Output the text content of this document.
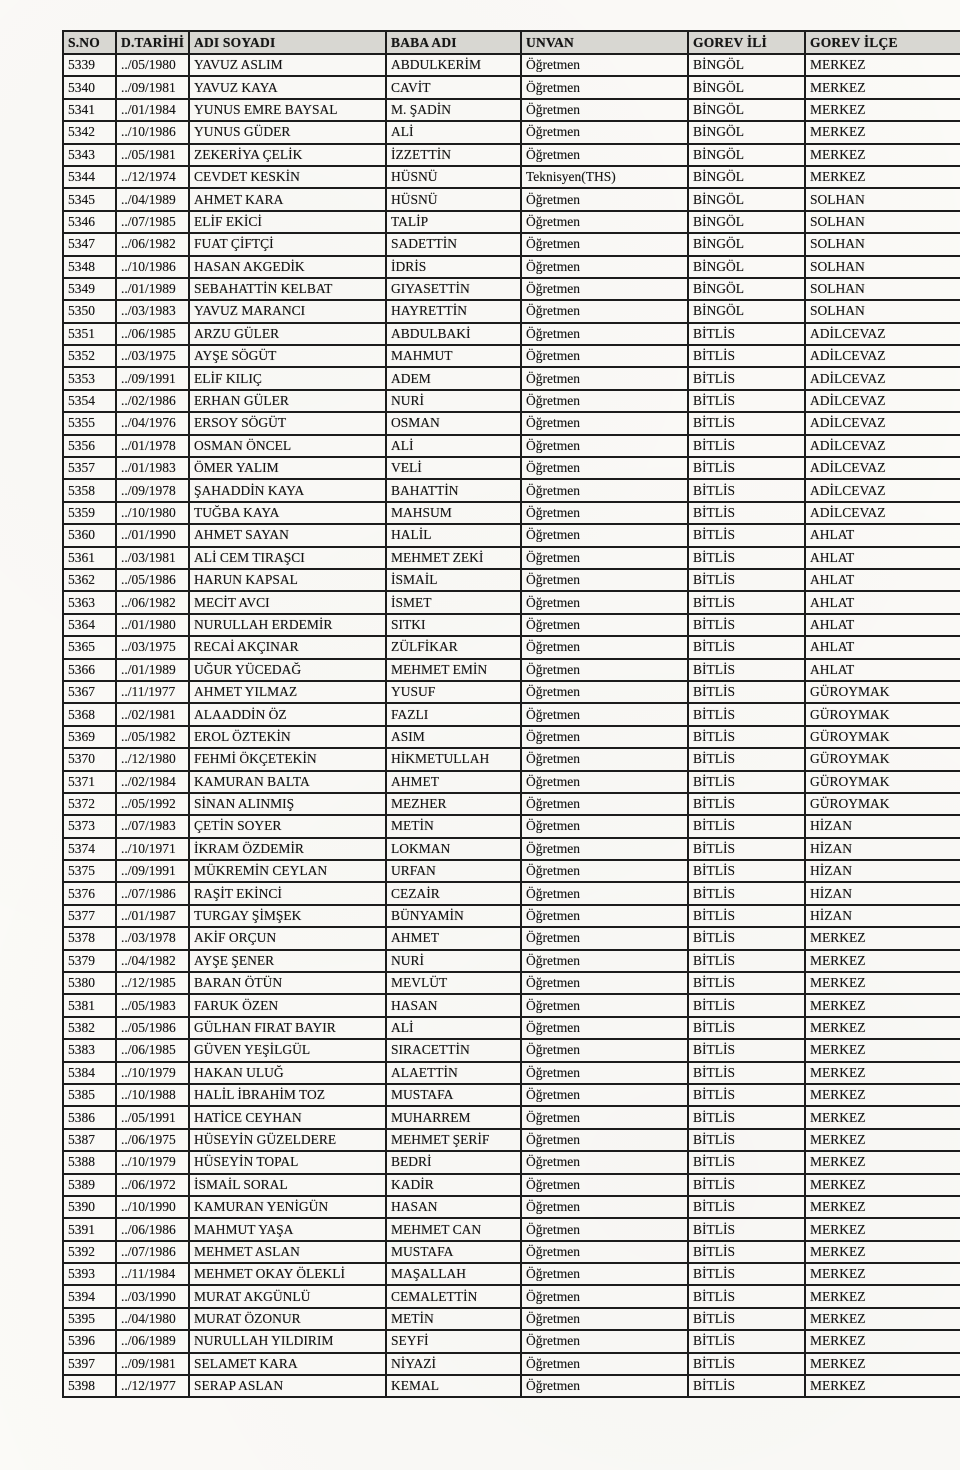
S.NO	D.TARİHİ	ADI SOYADI	BABA ADI	UNVAN	GOREV İLİ	GOREV İLÇE
5339	../05/1980	YAVUZ ASLIM	ABDULKERİM	Öğretmen	BİNGÖL	MERKEZ
5340	../09/1981	YAVUZ KAYA	CAVİT	Öğretmen	BİNGÖL	MERKEZ
5341	../01/1984	YUNUS EMRE BAYSAL	M. ŞADİN	Öğretmen	BİNGÖL	MERKEZ
5342	../10/1986	YUNUS GÜDER	ALİ	Öğretmen	BİNGÖL	MERKEZ
5343	../05/1981	ZEKERİYA ÇELİK	İZZETTİN	Öğretmen	BİNGÖL	MERKEZ
5344	../12/1974	CEVDET KESKİN	HÜSNÜ	Teknisyen(THS)	BİNGÖL	MERKEZ
5345	../04/1989	AHMET KARA	HÜSNÜ	Öğretmen	BİNGÖL	SOLHAN
5346	../07/1985	ELİF EKİCİ	TALİP	Öğretmen	BİNGÖL	SOLHAN
5347	../06/1982	FUAT ÇİFTÇİ	SADETTİN	Öğretmen	BİNGÖL	SOLHAN
5348	../10/1986	HASAN AKGEDİK	İDRİS	Öğretmen	BİNGÖL	SOLHAN
5349	../01/1989	SEBAHATTİN KELBAT	GIYASETTİN	Öğretmen	BİNGÖL	SOLHAN
5350	../03/1983	YAVUZ MARANCI	HAYRETTİN	Öğretmen	BİNGÖL	SOLHAN
5351	../06/1985	ARZU GÜLER	ABDULBAKİ	Öğretmen	BİTLİS	ADİLCEVAZ
5352	../03/1975	AYŞE SÖGÜT	MAHMUT	Öğretmen	BİTLİS	ADİLCEVAZ
5353	../09/1991	ELİF KILIÇ	ADEM	Öğretmen	BİTLİS	ADİLCEVAZ
5354	../02/1986	ERHAN GÜLER	NURİ	Öğretmen	BİTLİS	ADİLCEVAZ
5355	../04/1976	ERSOY SÖGÜT	OSMAN	Öğretmen	BİTLİS	ADİLCEVAZ
5356	../01/1978	OSMAN ÖNCEL	ALİ	Öğretmen	BİTLİS	ADİLCEVAZ
5357	../01/1983	ÖMER YALIM	VELİ	Öğretmen	BİTLİS	ADİLCEVAZ
5358	../09/1978	ŞAHADDİN KAYA	BAHATTİN	Öğretmen	BİTLİS	ADİLCEVAZ
5359	../10/1980	TUĞBA KAYA	MAHSUM	Öğretmen	BİTLİS	ADİLCEVAZ
5360	../01/1990	AHMET SAYAN	HALİL	Öğretmen	BİTLİS	AHLAT
5361	../03/1981	ALİ CEM TIRAŞCI	MEHMET ZEKİ	Öğretmen	BİTLİS	AHLAT
5362	../05/1986	HARUN KAPSAL	İSMAİL	Öğretmen	BİTLİS	AHLAT
5363	../06/1982	MECİT AVCI	İSMET	Öğretmen	BİTLİS	AHLAT
5364	../01/1980	NURULLAH ERDEMİR	SITKI	Öğretmen	BİTLİS	AHLAT
5365	../03/1975	RECAİ AKÇINAR	ZÜLFİKAR	Öğretmen	BİTLİS	AHLAT
5366	../01/1989	UĞUR YÜCEDAĞ	MEHMET EMİN	Öğretmen	BİTLİS	AHLAT
5367	../11/1977	AHMET YILMAZ	YUSUF	Öğretmen	BİTLİS	GÜROYMAK
5368	../02/1981	ALAADDİN ÖZ	FAZLI	Öğretmen	BİTLİS	GÜROYMAK
5369	../05/1982	EROL ÖZTEKİN	ASIM	Öğretmen	BİTLİS	GÜROYMAK
5370	../12/1980	FEHMİ ÖKÇETEKİN	HİKMETULLAH	Öğretmen	BİTLİS	GÜROYMAK
5371	../02/1984	KAMURAN BALTA	AHMET	Öğretmen	BİTLİS	GÜROYMAK
5372	../05/1992	SİNAN ALINMIŞ	MEZHER	Öğretmen	BİTLİS	GÜROYMAK
5373	../07/1983	ÇETİN SOYER	METİN	Öğretmen	BİTLİS	HİZAN
5374	../10/1971	İKRAM ÖZDEMİR	LOKMAN	Öğretmen	BİTLİS	HİZAN
5375	../09/1991	MÜKREMİN CEYLAN	URFAN	Öğretmen	BİTLİS	HİZAN
5376	../07/1986	RAŞİT EKİNCİ	CEZAİR	Öğretmen	BİTLİS	HİZAN
5377	../01/1987	TURGAY ŞİMŞEK	BÜNYAMİN	Öğretmen	BİTLİS	HİZAN
5378	../03/1978	AKİF ORÇUN	AHMET	Öğretmen	BİTLİS	MERKEZ
5379	../04/1982	AYŞE ŞENER	NURİ	Öğretmen	BİTLİS	MERKEZ
5380	../12/1985	BARAN ÖTÜN	MEVLÜT	Öğretmen	BİTLİS	MERKEZ
5381	../05/1983	FARUK ÖZEN	HASAN	Öğretmen	BİTLİS	MERKEZ
5382	../05/1986	GÜLHAN FIRAT BAYIR	ALİ	Öğretmen	BİTLİS	MERKEZ
5383	../06/1985	GÜVEN YEŞİLGÜL	SIRACETTİN	Öğretmen	BİTLİS	MERKEZ
5384	../10/1979	HAKAN ULUĞ	ALAETTİN	Öğretmen	BİTLİS	MERKEZ
5385	../10/1988	HALİL İBRAHİM TOZ	MUSTAFA	Öğretmen	BİTLİS	MERKEZ
5386	../05/1991	HATİCE CEYHAN	MUHARREM	Öğretmen	BİTLİS	MERKEZ
5387	../06/1975	HÜSEYİN GÜZELDERE	MEHMET ŞERİF	Öğretmen	BİTLİS	MERKEZ
5388	../10/1979	HÜSEYİN TOPAL	BEDRİ	Öğretmen	BİTLİS	MERKEZ
5389	../06/1972	İSMAİL SORAL	KADİR	Öğretmen	BİTLİS	MERKEZ
5390	../10/1990	KAMURAN YENİGÜN	HASAN	Öğretmen	BİTLİS	MERKEZ
5391	../06/1986	MAHMUT YAŞA	MEHMET CAN	Öğretmen	BİTLİS	MERKEZ
5392	../07/1986	MEHMET ASLAN	MUSTAFA	Öğretmen	BİTLİS	MERKEZ
5393	../11/1984	MEHMET OKAY ÖLEKLİ	MAŞALLAH	Öğretmen	BİTLİS	MERKEZ
5394	../03/1990	MURAT AKGÜNLÜ	CEMALETTİN	Öğretmen	BİTLİS	MERKEZ
5395	../04/1980	MURAT ÖZONUR	METİN	Öğretmen	BİTLİS	MERKEZ
5396	../06/1989	NURULLAH YILDIRIM	SEYFİ	Öğretmen	BİTLİS	MERKEZ
5397	../09/1981	SELAMET KARA	NİYAZİ	Öğretmen	BİTLİS	MERKEZ
5398	../12/1977	SERAP ASLAN	KEMAL	Öğretmen	BİTLİS	MERKEZ
